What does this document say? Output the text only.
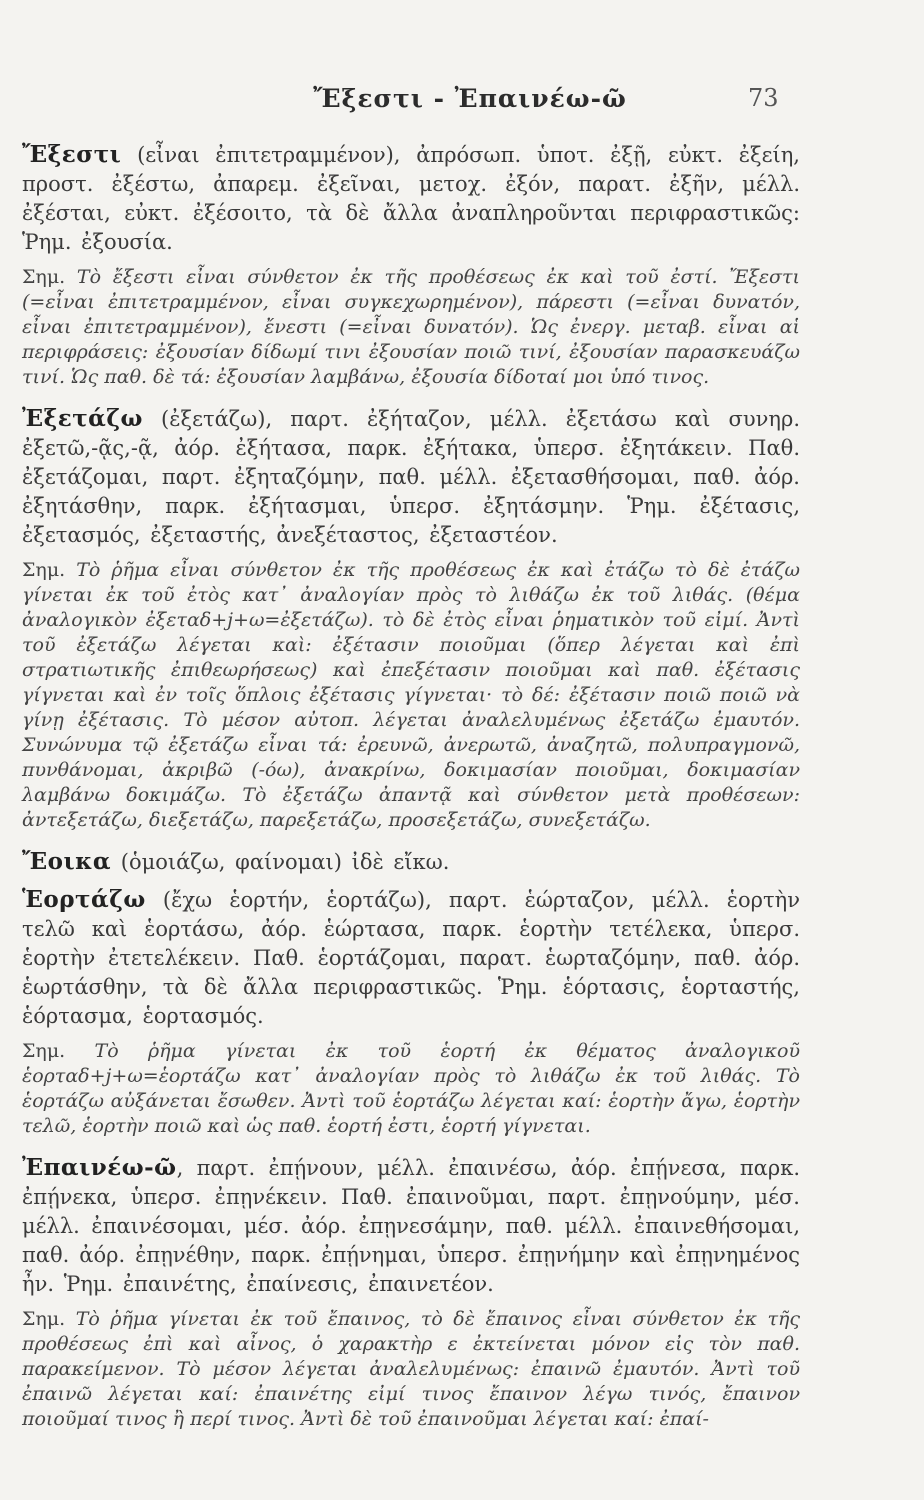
Ἔξεστι - Ἐπαινέω-ῶ	73

Ἔξεστι (εἶναι ἐπιτετραμμένον), ἀπρόσωπ. ὑποτ. ἐξῇ, εὐκτ. ἐξείη, προστ. ἐξέστω, ἀπαρεμ. ἐξεῖναι, μετοχ. ἐξόν, παρατ. ἐξῆν, μέλλ. ἐξέσται, εὐκτ. ἐξέσοιτο, τὰ δὲ ἄλλα ἀναπληροῦνται περιφραστικῶς: Ῥημ. ἐξουσία.

Σημ. Τὸ ἔξεστι εἶναι σύνθετον ἐκ τῆς προθέσεως ἐκ καὶ τοῦ ἐστί. Ἔξεστι (=εἶναι ἐπιτετραμμένον, εἶναι συγκεχωρημένον), πάρεστι (=εἶναι δυνατόν, εἶναι ἐπιτετραμμένον), ἔνεστι (=εἶναι δυνατόν). Ὡς ἐνεργ. μεταβ. εἶναι αἱ περιφράσεις: ἐξουσίαν δίδωμί τινι ἐξουσίαν ποιῶ τινί, ἐξουσίαν παρασκευάζω τινί. Ὡς παθ. δὲ τά: ἐξουσίαν λαμβάνω, ἐξουσία δίδοταί μοι ὑπό τινος.

Ἐξετάζω (ἐξετάζω), παρτ. ἐξήταζον, μέλλ. ἐξετάσω καὶ συνηρ. ἐξετῶ,-ᾷς,-ᾷ, ἀόρ. ἐξήτασα, παρκ. ἐξήτακα, ὑπερσ. ἐξητάκειν. Παθ. ἐξετάζομαι, παρτ. ἐξηταζόμην, παθ. μέλλ. ἐξετασθήσομαι, παθ. ἀόρ. ἐξητάσθην, παρκ. ἐξήτασμαι, ὑπερσ. ἐξητάσμην. Ῥημ. ἐξέτασις, ἐξετασμός, ἐξεταστής, ἀνεξέταστος, ἐξεταστέον.

Σημ. Τὸ ῥῆμα εἶναι σύνθετον ἐκ τῆς προθέσεως ἐκ καὶ ἐτάζω τὸ δὲ ἐτάζω γίνεται ἐκ τοῦ ἐτὸς κατ᾽ ἀναλογίαν πρὸς τὸ λιθάζω ἐκ τοῦ λιθάς. (θέμα ἀναλογικὸν ἐξεταδ+j+ω=ἐξετάζω). τὸ δὲ ἐτὸς εἶναι ῥηματικὸν τοῦ εἰμί. Ἀντὶ τοῦ ἐξετάζω λέγεται καὶ: ἐξέτασιν ποιοῦμαι (ὅπερ λέγεται καὶ ἐπὶ στρατιωτικῆς ἐπιθεωρήσεως) καὶ ἐπεξέτασιν ποιοῦμαι καὶ παθ. ἐξέτασις γίγνεται καὶ ἐν τοῖς ὅπλοις ἐξέτασις γίγνεται· τὸ δέ: ἐξέτασιν ποιῶ ποιῶ νὰ γίνῃ ἐξέτασις. Τὸ μέσον αὐτοπ. λέγεται ἀναλελυμένως ἐξετάζω ἐμαυτόν. Συνώνυμα τῷ ἐξετάζω εἶναι τά: ἐρευνῶ, ἀνερωτῶ, ἀναζητῶ, πολυπραγμονῶ, πυνθάνομαι, ἀκριβῶ (-όω), ἀνακρίνω, δοκιμασίαν ποιοῦμαι, δοκιμασίαν λαμβάνω δοκιμάζω. Τὸ ἐξετάζω ἀπαντᾷ καὶ σύνθετον μετὰ προθέσεων: ἀντεξετάζω, διεξετάζω, παρεξετάζω, προσεξετάζω, συνεξετάζω.

Ἔοικα (ὁμοιάζω, φαίνομαι) ἰδὲ εἴκω.

Ἑορτάζω (ἔχω ἑορτήν, ἑορτάζω), παρτ. ἑώρταζον, μέλλ. ἑορτὴν τελῶ καὶ ἑορτάσω, ἀόρ. ἑώρτασα, παρκ. ἑορτὴν τετέλεκα, ὑπερσ. ἑορτὴν ἐτετελέκειν. Παθ. ἑορτάζομαι, παρατ. ἑωρταζόμην, παθ. ἀόρ. ἑωρτάσθην, τὰ δὲ ἄλλα περιφραστικῶς. Ῥημ. ἑόρτασις, ἑορταστής, ἑόρτασμα, ἑορτασμός.

Σημ. Τὸ ῥῆμα γίνεται ἐκ τοῦ ἑορτή ἐκ θέματος ἀναλογικοῦ ἑορταδ+j+ω=ἑορτάζω κατ᾽ ἀναλογίαν πρὸς τὸ λιθάζω ἐκ τοῦ λιθάς. Τὸ ἑορτάζω αὐξάνεται ἔσωθεν. Ἀντὶ τοῦ ἑορτάζω λέγεται καί: ἑορτὴν ἄγω, ἑορτὴν τελῶ, ἑορτὴν ποιῶ καὶ ὡς παθ. ἑορτή ἐστι, ἑορτή γίγνεται.

Ἐπαινέω-ῶ, παρτ. ἐπῄνουν, μέλλ. ἐπαινέσω, ἀόρ. ἐπῄνεσα, παρκ. ἐπῄνεκα, ὑπερσ. ἐπῃνέκειν. Παθ. ἐπαινοῦμαι, παρτ. ἐπῃνούμην, μέσ. μέλλ. ἐπαινέσομαι, μέσ. ἀόρ. ἐπῃνεσάμην, παθ. μέλλ. ἐπαινεθήσομαι, παθ. ἀόρ. ἐπῃνέθην, παρκ. ἐπῄνημαι, ὑπερσ. ἐπῃνήμην καὶ ἐπῃνημένος ἦν. Ῥημ. ἐπαινέτης, ἐπαίνεσις, ἐπαινετέον.

Σημ. Τὸ ῥῆμα γίνεται ἐκ τοῦ ἔπαινος, τὸ δὲ ἔπαινος εἶναι σύνθετον ἐκ τῆς προθέσεως ἐπὶ καὶ αἶνος, ὁ χαρακτὴρ ε ἐκτείνεται μόνον εἰς τὸν παθ. παρακείμενον. Τὸ μέσον λέγεται ἀναλελυμένως: ἐπαινῶ ἐμαυτόν. Ἀντὶ τοῦ ἐπαινῶ λέγεται καί: ἐπαινέτης εἰμί τινος ἔπαινον λέγω τινός, ἔπαινον ποιοῦμαί τινος ἢ περί τινος. Ἀντὶ δὲ τοῦ ἐπαινοῦμαι λέγεται καί: ἐπαί-
